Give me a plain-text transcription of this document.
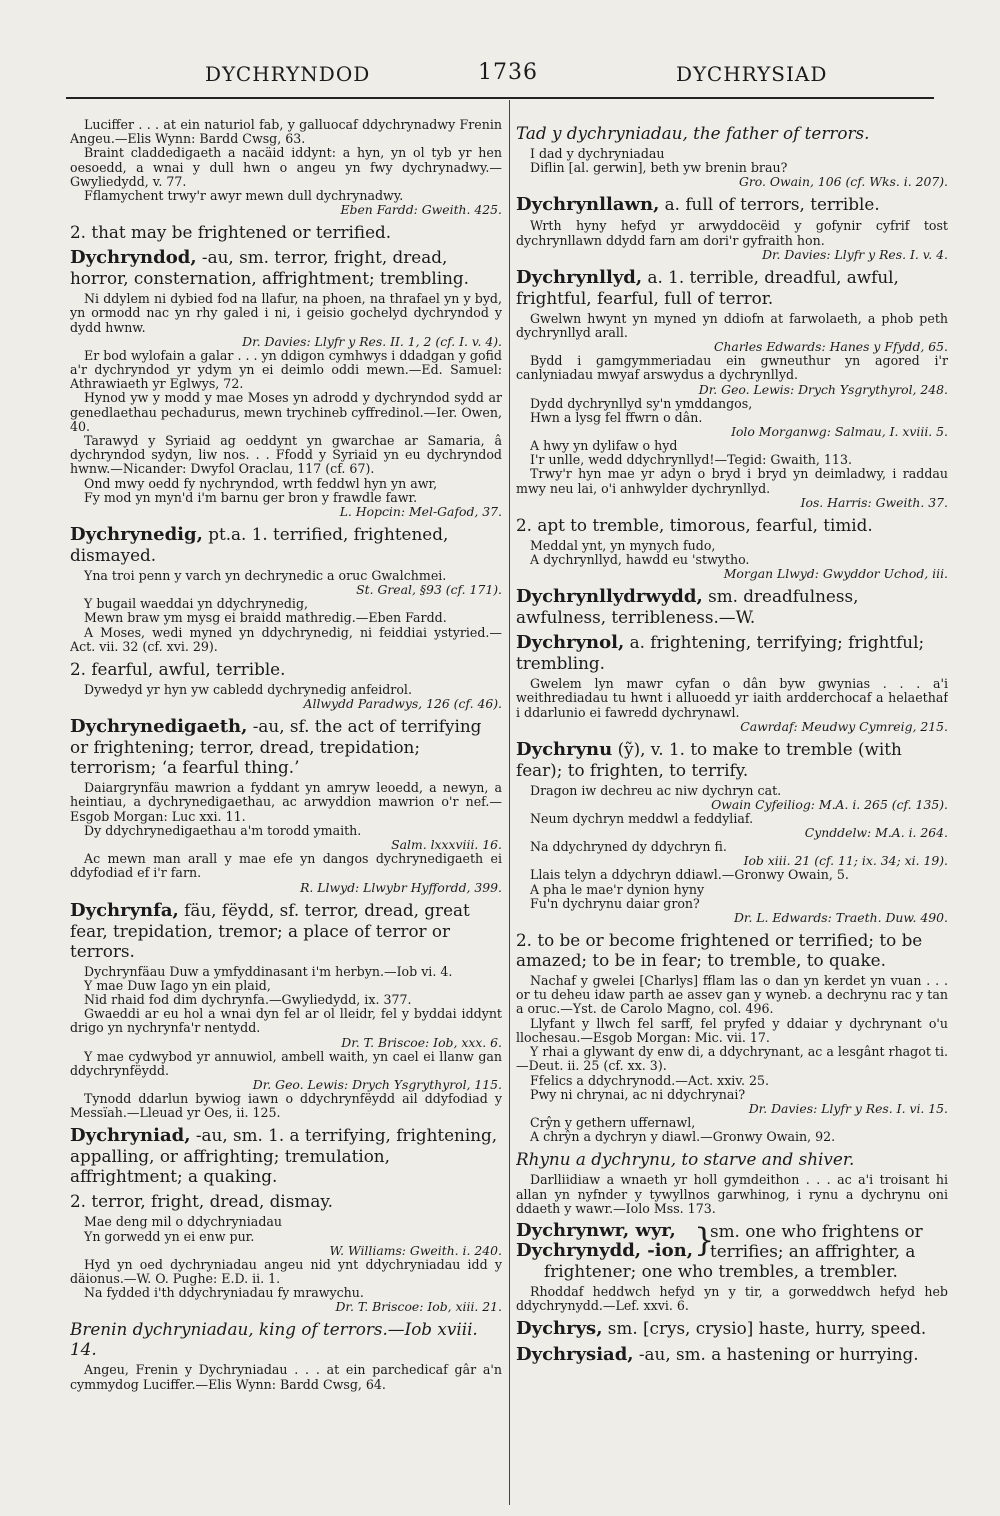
DYCHRYNDOD	1736	DYCHRYSIAD
Luciffer . . . at ein naturiol fab, y galluocaf ddychrynadwy Frenin Angeu.—Elis Wynn: Bardd Cwsg, 63.
Braint claddedigaeth a nacäid iddynt: a hyn, yn ol tyb yr hen oesoedd, a wnai y dull hwn o angeu yn fwy dychrynadwy.—Gwyliedydd, v. 77.
Fflamychent trwy'r awyr mewn dull dychrynadwy.
Eben Fardd: Gweith. 425.
2. that may be frightened or terrified.
Dychryndod, -au, sm. terror, fright, dread, horror, consternation, affrightment; trembling.
Ni ddylem ni dybied fod na llafur, na phoen, na thrafael yn y byd, yn ormodd nac yn rhy galed i ni, i geisio gochelyd dychryndod y dydd hwnw.
Dr. Davies: Llyfr y Res. II. 1, 2 (cf. I. v. 4).
Er bod wylofain a galar . . . yn ddigon cymhwys i ddadgan y gofid a'r dychryndod yr ydym yn ei deimlo oddi mewn.—Ed. Samuel: Athrawiaeth yr Eglwys, 72.
Hynod yw y modd y mae Moses yn adrodd y dychryndod sydd ar genedlaethau pechadurus, mewn trychineb cyffredinol.—Ier. Owen, 40.
Tarawyd y Syriaid ag oeddynt yn gwarchae ar Samaria, â dychryndod sydyn, liw nos. . . Ffodd y Syriaid yn eu dychryndod hwnw.—Nicander: Dwyfol Oraclau, 117 (cf. 67).
Ond mwy oedd fy nychryndod, wrth feddwl hyn yn awr,
Fy mod yn myn'd i'm barnu ger bron y frawdle fawr.
L. Hopcin: Mel-Gafod, 37.
Dychrynedig, pt.a. 1. terrified, frightened, dismayed.
Yna troi penn y varch yn dechrynedic a oruc Gwalchmei.
St. Greal, §93 (cf. 171).
Y bugail waeddai yn ddychrynedig,
Mewn braw ym mysg ei braidd mathredig.—Eben Fardd.
A Moses, wedi myned yn ddychrynedig, ni feiddiai ystyried.—Act. vii. 32 (cf. xvi. 29).
2. fearful, awful, terrible.
Dywedyd yr hyn yw cabledd dychrynedig anfeidrol.
Allwydd Paradwys, 126 (cf. 46).
Dychrynedigaeth, -au, sf. the act of terrifying or frightening; terror, dread, trepidation; terrorism; ‘a fearful thing.’
Daiargrynfäu mawrion a fyddant yn amryw leoedd, a newyn, a heintiau, a dychrynedigaethau, ac arwyddion mawrion o'r nef.—Esgob Morgan: Luc xxi. 11.
Dy ddychrynedigaethau a'm torodd ymaith.
Salm. lxxxviii. 16.
Ac mewn man arall y mae efe yn dangos dychrynedigaeth ei ddyfodiad ef i'r farn.
R. Llwyd: Llwybr Hyffordd, 399.
Dychrynfa, fäu, fëydd, sf. terror, dread, great fear, trepidation, tremor; a place of terror or terrors.
Dychrynfäau Duw a ymfyddinasant i'm herbyn.—Iob vi. 4.
Y mae Duw Iago yn ein plaid,
Nid rhaid fod dim dychrynfa.—Gwyliedydd, ix. 377.
Gwaeddi ar eu hol a wnai dyn fel ar ol lleidr, fel y byddai iddynt drigo yn nychrynfa'r nentydd.
Dr. T. Briscoe: Iob, xxx. 6.
Y mae cydwybod yr annuwiol, ambell waith, yn cael ei llanw gan ddychrynfëydd.
Dr. Geo. Lewis: Drych Ysgrythyrol, 115.
Tynodd ddarlun bywiog iawn o ddychrynfëydd ail ddyfodiad y Messïah.—Lleuad yr Oes, ii. 125.
Dychryniad, -au, sm. 1. a terrifying, frightening, appalling, or affrighting; tremulation, affrightment; a quaking.
2. terror, fright, dread, dismay.
Mae deng mil o ddychryniadau
Yn gorwedd yn ei enw pur.
W. Williams: Gweith. i. 240.
Hyd yn oed dychryniadau angeu nid ynt ddychryniadau idd y däionus.—W. O. Pughe: E.D. ii. 1.
Na fydded i'th ddychryniadau fy mrawychu.
Dr. T. Briscoe: Iob, xiii. 21.
Brenin dychryniadau, king of terrors.—Iob xviii. 14.
Angeu, Frenin y Dychryniadau . . . at ein parchedicaf gâr a'n cymmydog Luciffer.—Elis Wynn: Bardd Cwsg, 64.
Tad y dychryniadau, the father of terrors.
I dad y dychryniadau
Diflin [al. gerwin], beth yw brenin brau?
Gro. Owain, 106 (cf. Wks. i. 207).
Dychrynllawn, a. full of terrors, terrible.
Wrth hyny hefyd yr arwyddocëid y gofynir cyfrif tost dychrynllawn ddydd farn am dori'r gyfraith hon.
Dr. Davies: Llyfr y Res. I. v. 4.
Dychrynllyd, a. 1. terrible, dreadful, awful, frightful, fearful, full of terror.
Gwelwn hwynt yn myned yn ddiofn at farwolaeth, a phob peth dychrynllyd arall.
Charles Edwards: Hanes y Ffydd, 65.
Bydd i gamgymmeriadau ein gwneuthur yn agored i'r canlyniadau mwyaf arswydus a dychrynllyd.
Dr. Geo. Lewis: Drych Ysgrythyrol, 248.
Dydd dychrynllyd sy'n ymddangos,
Hwn a lysg fel ffwrn o dân.
Iolo Morganwg: Salmau, I. xviii. 5.
A hwy yn dylifaw o hyd
I'r unlle, wedd ddychrynllyd!—Tegid: Gwaith, 113.
Trwy'r hyn mae yr adyn o bryd i bryd yn deimladwy, i raddau mwy neu lai, o'i anhwylder dychrynllyd.
Ios. Harris: Gweith. 37.
2. apt to tremble, timorous, fearful, timid.
Meddal ynt, yn mynych fudo,
A dychrynllyd, hawdd eu 'stwytho.
Morgan Llwyd: Gwyddor Uchod, iii.
Dychrynllydrwydd, sm. dreadfulness, awfulness, terribleness.—W.
Dychrynol, a. frightening, terrifying; frightful; trembling.
Gwelem lyn mawr cyfan o dân byw gwynias . . . a'i weithrediadau tu hwnt i alluoedd yr iaith ardderchocaf a helaethaf i ddarlunio ei fawredd dychrynawl.
Cawrdaf: Meudwy Cymreig, 215.
Dychrynu (ỹ), v. 1. to make to tremble (with fear); to frighten, to terrify.
Dragon iw dechreu ac niw dychryn cat.
Owain Cyfeiliog: M.A. i. 265 (cf. 135).
Neum dychryn meddwl a feddyliaf.
Cynddelw: M.A. i. 264.
Na ddychryned dy ddychryn fi.
Iob xiii. 21 (cf. 11; ix. 34; xi. 19).
Llais telyn a ddychryn ddiawl.—Gronwy Owain, 5.
A pha le mae'r dynion hyny
Fu'n dychrynu daiar gron?
Dr. L. Edwards: Traeth. Duw. 490.
2. to be or become frightened or terrified; to be amazed; to be in fear; to tremble, to quake.
Nachaf y gwelei [Charlys] fflam las o dan yn kerdet yn vuan . . . or tu deheu idaw parth ae assev gan y wyneb. a dechrynu rac y tan a oruc.—Yst. de Carolo Magno, col. 496.
Llyfant y llwch fel sarff, fel pryfed y ddaiar y dychrynant o'u llochesau.—Esgob Morgan: Mic. vii. 17.
Y rhai a glywant dy enw di, a ddychrynant, ac a lesgânt rhagot ti.—Deut. ii. 25 (cf. xx. 3).
Ffelics a ddychrynodd.—Act. xxiv. 25.
Pwy ni chrynai, ac ni ddychrynai?
Dr. Davies: Llyfr y Res. I. vi. 15.
Crŷn y gethern uffernawl,
A chrŷn a dychryn y diawl.—Gronwy Owain, 92.
Rhynu a dychrynu, to starve and shiver.
Darlliidiaw a wnaeth yr holl gymdeithon . . . ac a'i troisant hi allan yn nyfnder y tywyllnos garwhinog, i rynu a dychrynu oni ddaeth y wawr.—Iolo Mss. 173.
Dychrynwr, wyr,
Dychrynydd, -ion, }
sm. one who frightens or terrifies; an affrighter, a
frightener; one who trembles, a trembler.
Rhoddaf heddwch hefyd yn y tir, a gorweddwch hefyd heb ddychrynydd.—Lef. xxvi. 6.
Dychrys, sm. [crys, crysio] haste, hurry, speed.
Dychrysiad, -au, sm. a hastening or hurrying.
